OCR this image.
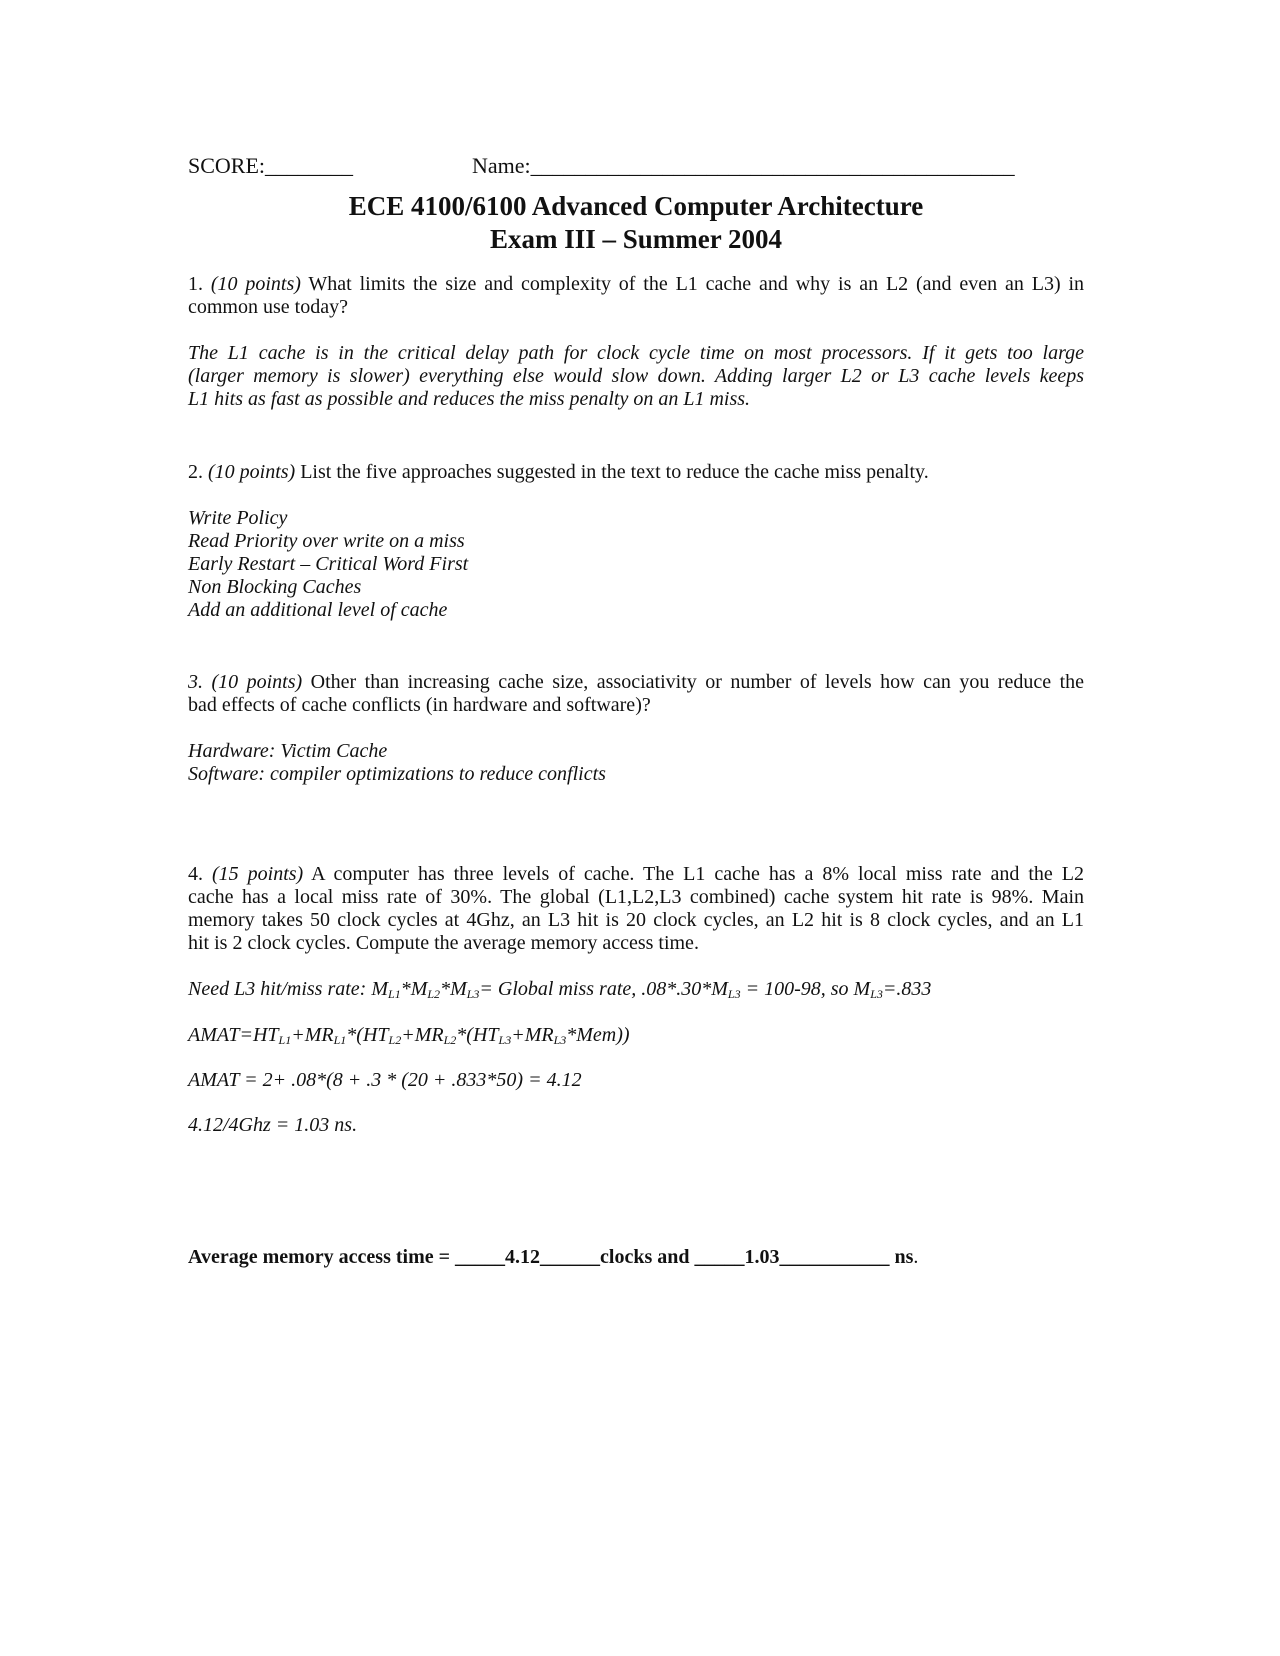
SCORE:________	Name:____________________________________________
ECE 4100/6100 Advanced Computer Architecture
Exam III – Summer 2004
1. (10 points) What limits the size and complexity of the L1 cache and why is an L2 (and even an L3) in
common use today?
The L1 cache is in the critical delay path for clock cycle time on most processors. If it gets too large
(larger memory is slower) everything else would slow down. Adding larger L2 or L3 cache levels keeps
L1 hits as fast as possible and reduces the miss penalty on an L1 miss.
2. (10 points) List the five approaches suggested in the text to reduce the cache miss penalty.
Write Policy
Read Priority over write on a miss
Early Restart – Critical Word First
Non Blocking Caches
Add an additional level of cache
3. (10 points) Other than increasing cache size, associativity or number of levels how can you reduce the
bad effects of cache conflicts (in hardware and software)?
Hardware: Victim Cache
Software: compiler optimizations to reduce conflicts
4. (15 points) A computer has three levels of cache. The L1 cache has a 8% local miss rate and the L2
cache has a local miss rate of 30%. The global (L1,L2,L3 combined) cache system hit rate is 98%. Main
memory takes 50 clock cycles at 4Ghz, an L3 hit is 20 clock cycles, an L2 hit is 8 clock cycles, and an L1
hit is 2 clock cycles. Compute the average memory access time.
Need L3 hit/miss rate: $M_{L1}*M_{L2}*M_{L3}=$ Global miss rate, $.08*.30*M_{L3} = 100-98$, so $M_{L3}=.833$
$AMAT=HT_{L1}+MR_{L1}*(HT_{L2}+MR_{L2}*(HT_{L3}+MR_{L3}*Mem))$
AMAT = 2+ .08*(8 + .3 * (20 + .833*50) = 4.12
4.12/4Ghz = 1.03 ns.
Average memory access time = _____4.12______clocks and _____1.03___________ ns.
